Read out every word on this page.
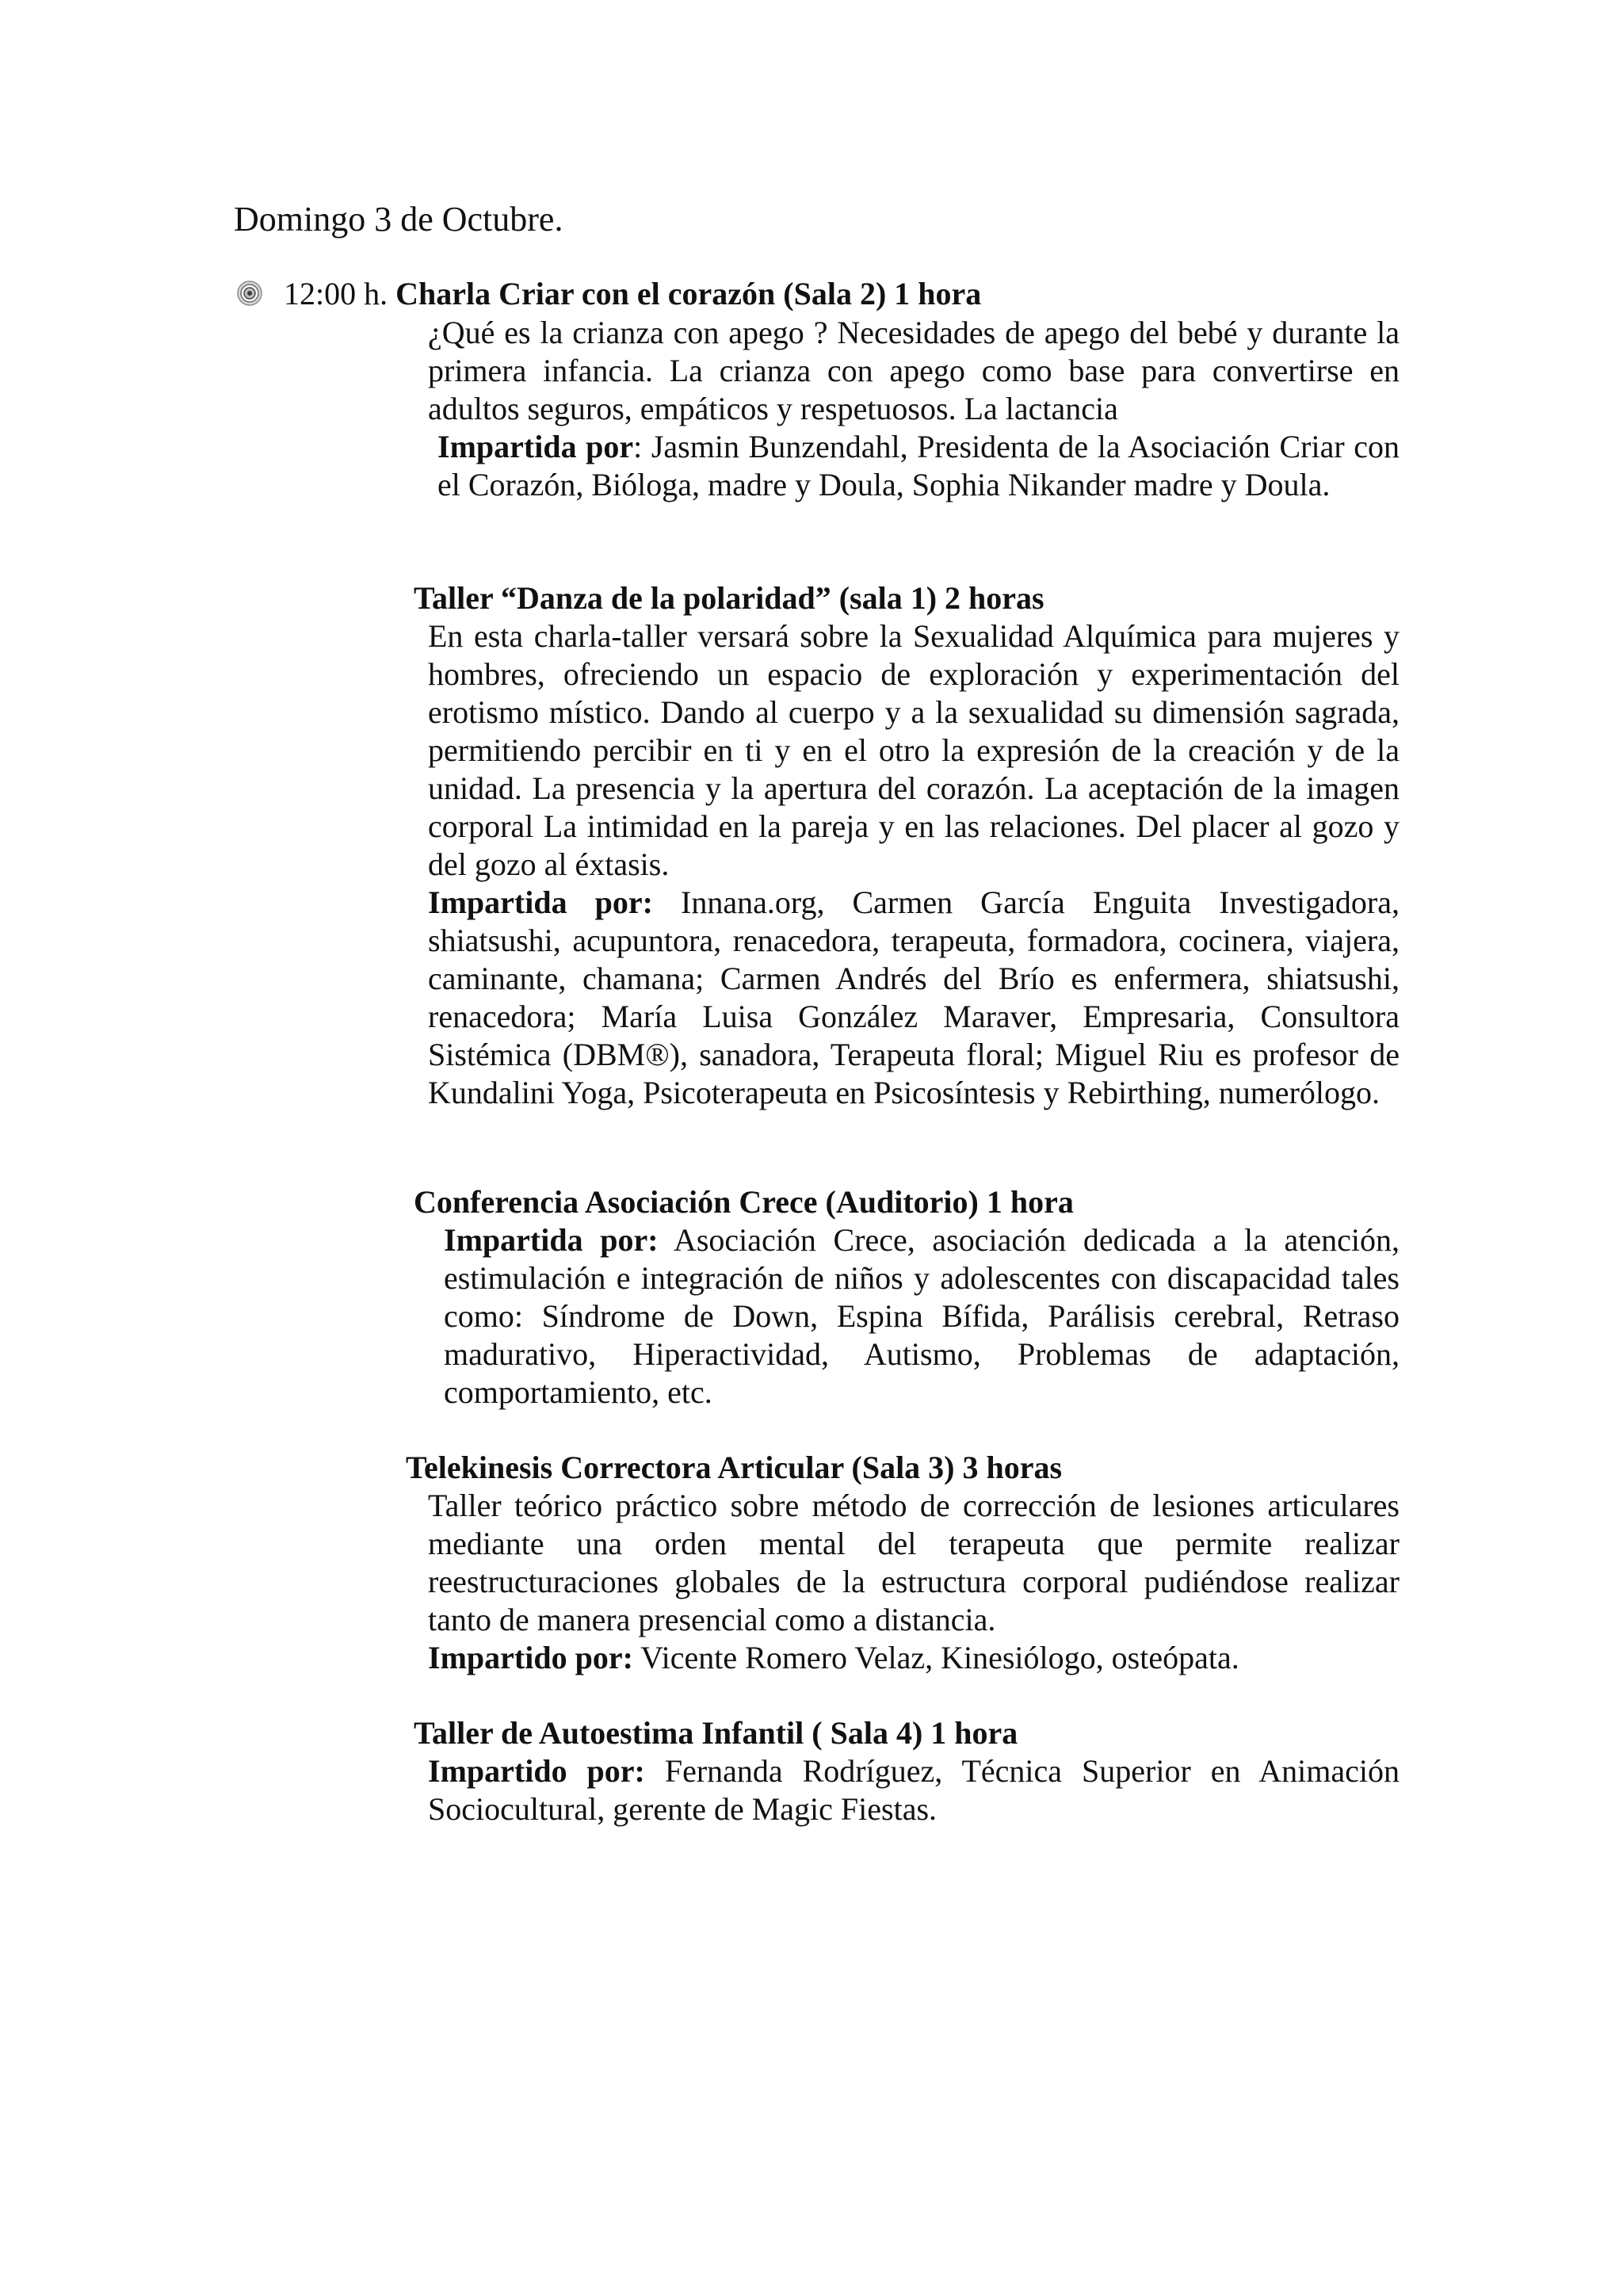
Domingo 3 de Octubre.
12:00 h. Charla Criar con el corazón (Sala 2) 1 hora

¿Qué es la crianza con apego ? Necesidades de apego del bebé y durante la primera infancia. La crianza con apego como base para convertirse en adultos seguros, empáticos y respetuosos. La lactancia

Impartida por: Jasmin Bunzendahl, Presidenta de la Asociación Criar con el Corazón, Bióloga, madre y Doula, Sophia Nikander madre y Doula.

Taller “Danza de la polaridad” (sala 1) 2 horas

En esta charla-taller versará sobre la Sexualidad Alquímica para mujeres y hombres, ofreciendo un espacio de exploración y experimentación del erotismo místico. Dando al cuerpo y a la sexualidad su dimensión sagrada, permitiendo percibir en ti y en el otro la expresión de la creación y de la unidad. La presencia y la apertura del corazón. La aceptación de la imagen corporal La intimidad en la pareja y en las relaciones. Del placer al gozo y del gozo al éxtasis.

Impartida por: Innana.org, Carmen García Enguita Investigadora, shiatsushi, acupuntora, renacedora, terapeuta, formadora, cocinera, viajera, caminante, chamana; Carmen Andrés del Brío es enfermera, shiatsushi, renacedora; María Luisa González Maraver, Empresaria, Consultora Sistémica (DBM®), sanadora, Terapeuta floral; Miguel Riu es profesor de Kundalini Yoga, Psicoterapeuta en Psicosíntesis y Rebirthing, numerólogo.

Conferencia Asociación Crece (Auditorio) 1 hora

Impartida por: Asociación Crece, asociación dedicada a la atención, estimulación e integración de niños y adolescentes con discapacidad tales como: Síndrome de Down, Espina Bífida, Parálisis cerebral, Retraso madurativo, Hiperactividad, Autismo, Problemas de adaptación, comportamiento, etc.

Telekinesis Correctora Articular (Sala 3) 3 horas

Taller teórico práctico sobre método de corrección de lesiones articulares mediante una orden mental del terapeuta que permite realizar reestructuraciones globales de la estructura corporal pudiéndose realizar tanto de manera presencial como a distancia.

Impartido por: Vicente Romero Velaz, Kinesiólogo, osteópata.

Taller de Autoestima Infantil ( Sala 4) 1 hora

Impartido por: Fernanda Rodríguez, Técnica Superior en Animación Sociocultural, gerente de Magic Fiestas.
